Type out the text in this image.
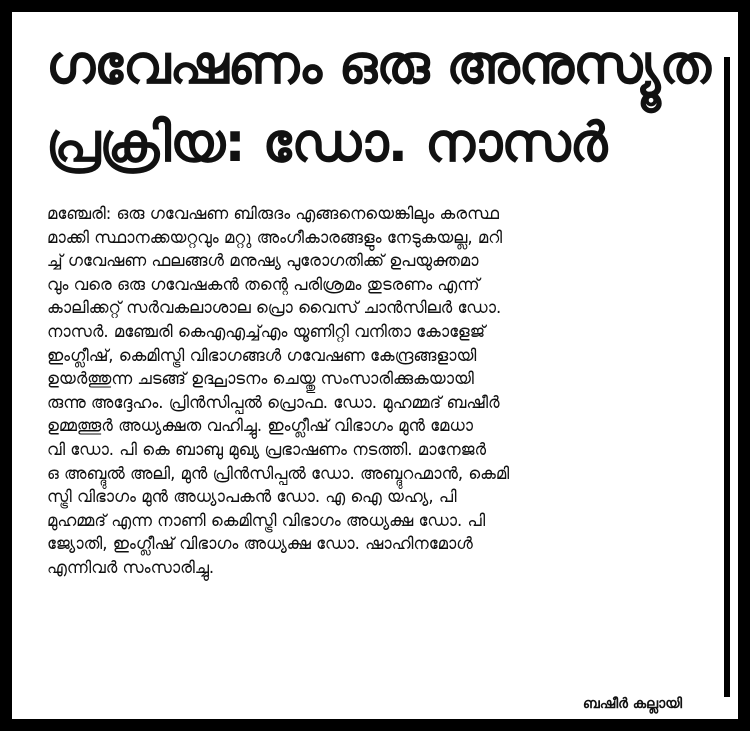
ഗവേഷണം ഒരു അനുസ്യൂത
പ്രക്രിയ: ഡോ. നാസർ

മഞ്ചേരി: ഒരു ഗവേഷണ ബിരുദം എങ്ങനെയെങ്കിലും കരസ്ഥ
മാക്കി സ്ഥാനക്കയറ്റവും മറ്റു അംഗീകാരങ്ങളും നേടുകയല്ല, മറി
ച്ച് ഗവേഷണ ഫലങ്ങൾ മനുഷ്യ പുരോഗതിക്ക് ഉപയുക്തമാ
വും വരെ ഒരു ഗവേഷകൻ തന്റെ പരിശ്രമം തുടരണം എന്ന്
കാലിക്കറ്റ് സർവകലാശാല പ്രൊ വൈസ് ചാൻസിലർ ഡോ.
നാസർ. മഞ്ചേരി കെഎഎച്ച്എം യൂണിറ്റി വനിതാ കോളേജ്
ഇംഗ്ലീഷ്, കെമിസ്ട്രി വിഭാഗങ്ങൾ ഗവേഷണ കേന്ദ്രങ്ങളായി
ഉയർത്തുന്ന ചടങ്ങ് ഉദ്ഘാടനം ചെയ്തു സംസാരിക്കുകയായി
രുന്നു അദ്ദേഹം. പ്രിൻസിപ്പൽ പ്രൊഫ. ഡോ. മുഹമ്മദ് ബഷീർ
ഉമ്മത്തൂർ അധ്യക്ഷത വഹിച്ചു. ഇംഗ്ലീഷ് വിഭാഗം മുൻ മേധാ
വി ഡോ. പി കെ ബാബു മുഖ്യ പ്രഭാഷണം നടത്തി. മാനേജർ
ഒ അബ്ദുൽ അലി, മുൻ പ്രിൻസിപ്പൽ ഡോ. അബ്ദുറഹ്മാൻ, കെമി
സ്ട്രി വിഭാഗം മുൻ അധ്യാപകൻ ഡോ. എ ഐ യഹ്യ, പി
മുഹമ്മദ് എന്ന നാണി കെമിസ്ട്രി വിഭാഗം അധ്യക്ഷ ഡോ. പി
ജ്യോതി, ഇംഗ്ലീഷ് വിഭാഗം അധ്യക്ഷ ഡോ. ഷാഹിനമോൾ
എന്നിവർ സംസാരിച്ചു.

ബഷീർ കല്ലായി
